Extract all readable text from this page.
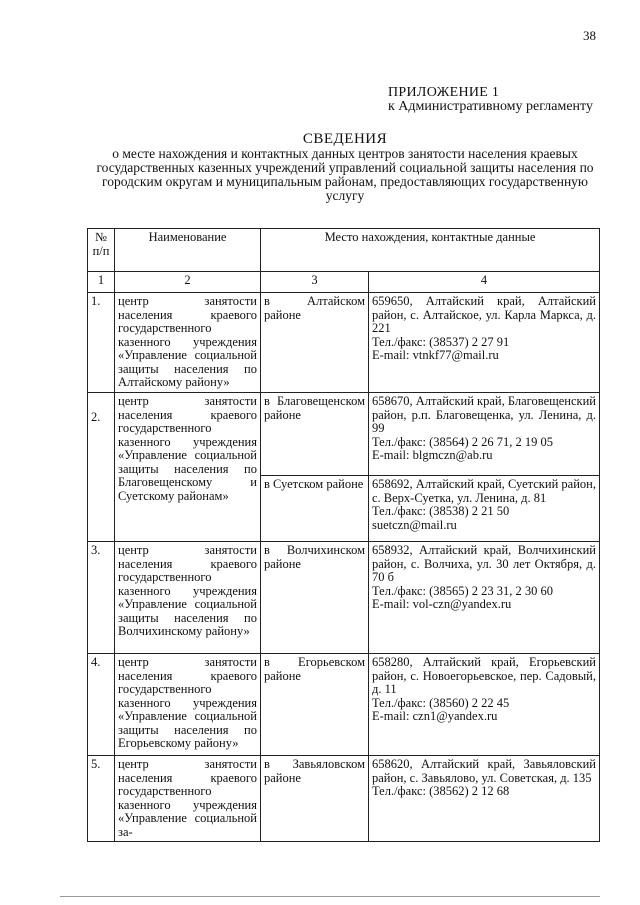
38
ПРИЛОЖЕНИЕ 1
к Административному регламенту
СВЕДЕНИЯ
о месте нахождения и контактных данных центров занятости населения краевых государственных казенных учреждений управлений социальной защиты населения по городским округам и муниципальным районам, предоставляющих государственную услугу
№ п/п	Наименование	Место нахождения, контактные данные	
1	2	3	4
1.	центр занятости населения краевого государственного казенного учреждения «Управление социальной защиты населения по Алтайскому району»	в Алтайском районе	659650, Алтайский край, Алтайский район, с. Алтайское, ул. Карла Маркса, д. 221
Тел./факс: (38537) 2 27 91
E-mail: vtnkf77@mail.ru

2.	центр занятости населения краевого государственного казенного учреждения «Управление социальной защиты населения по Благовещенскому и Суетскому районам»	в Благовещенском районе	658670, Алтайский край, Благовещенский район, р.п. Благовещенка, ул. Ленина, д. 99
Тел./факс: (38564) 2 26 71, 2 19 05
E-mail: blgmczn@ab.ru

		в Суетском районе	658692, Алтайский край, Суетский район, с. Верх-Суетка, ул. Ленина, д. 81
Тел./факс: (38538) 2 21 50
suetczn@mail.ru

3.	центр занятости населения краевого государственного казенного учреждения «Управление социальной защиты населения по Волчихинскому району»	в Волчихинском районе	658932, Алтайский край, Волчихинский район, с. Волчиха, ул. 30 лет Октября, д. 70 б
Тел./факс: (38565) 2 23 31, 2 30 60
E-mail: vol-czn@yandex.ru

4.	центр занятости населения краевого государственного казенного учреждения «Управление социальной защиты населения по Егорьевскому району»	в Егорьевском районе	658280, Алтайский край, Егорьевский район, с. Новоегорьевское, пер. Садовый, д. 11
Тел./факс: (38560) 2 22 45
E-mail: czn1@yandex.ru

5.	центр занятости населения краевого государственного казенного учреждения «Управление социальной за-	в Завьяловском районе	658620, Алтайский край, Завьяловский район, с. Завьялово, ул. Советская, д. 135
Тел./факс: (38562) 2 12 68
